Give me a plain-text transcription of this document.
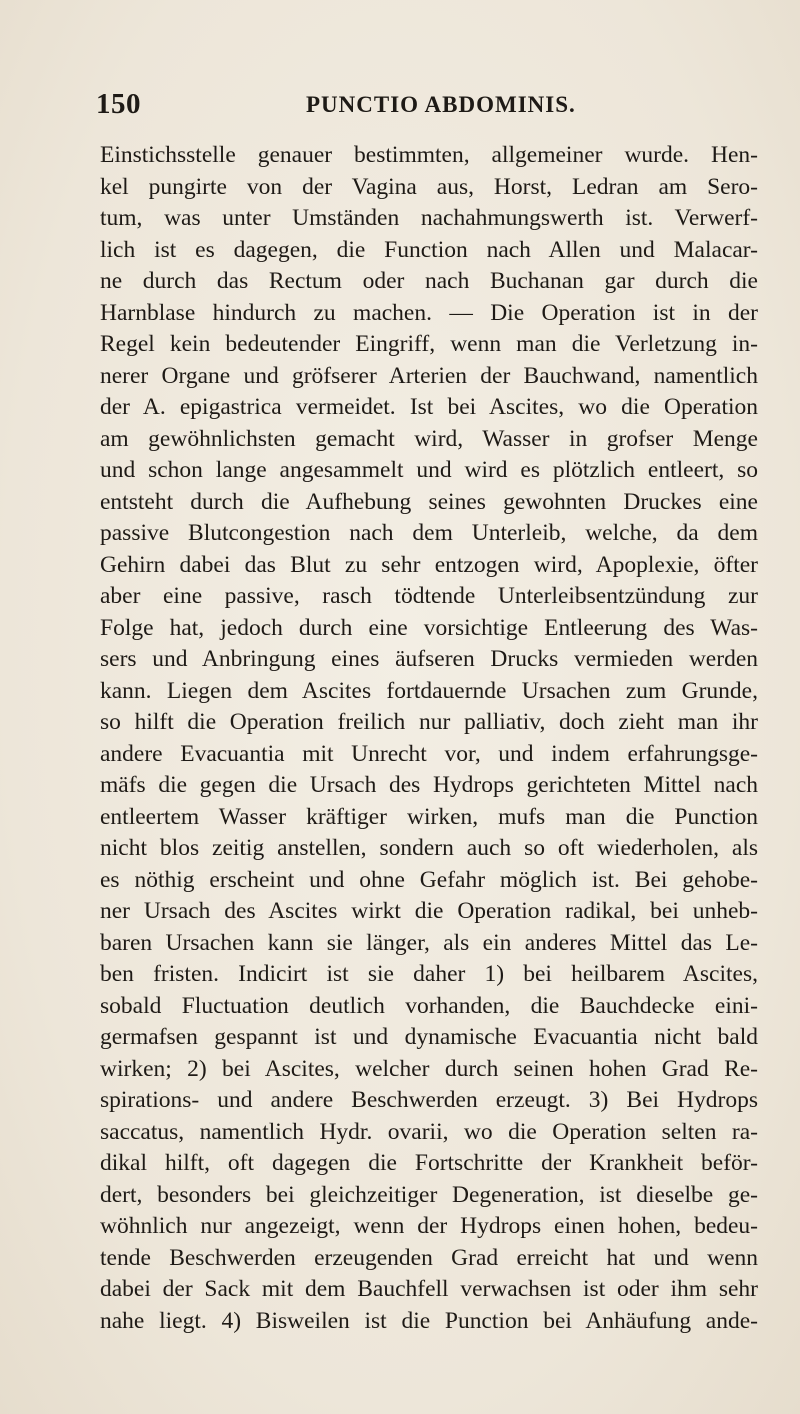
150	PUNCTIO ABDOMINIS.
Einstichsstelle genauer bestimmten, allgemeiner wurde. Hen-
kel pungirte von der Vagina aus, Horst, Ledran am Sero-
tum, was unter Umständen nachahmungswerth ist. Verwerf-
lich ist es dagegen, die Function nach Allen und Malacar-
ne durch das Rectum oder nach Buchanan gar durch die
Harnblase hindurch zu machen. — Die Operation ist in der
Regel kein bedeutender Eingriff, wenn man die Verletzung in-
nerer Organe und gröfserer Arterien der Bauchwand, namentlich
der A. epigastrica vermeidet. Ist bei Ascites, wo die Operation
am gewöhnlichsten gemacht wird, Wasser in grofser Menge
und schon lange angesammelt und wird es plötzlich entleert, so
entsteht durch die Aufhebung seines gewohnten Druckes eine
passive Blutcongestion nach dem Unterleib, welche, da dem
Gehirn dabei das Blut zu sehr entzogen wird, Apoplexie, öfter
aber eine passive, rasch tödtende Unterleibsentzündung zur
Folge hat, jedoch durch eine vorsichtige Entleerung des Was-
sers und Anbringung eines äufseren Drucks vermieden werden
kann. Liegen dem Ascites fortdauernde Ursachen zum Grunde,
so hilft die Operation freilich nur palliativ, doch zieht man ihr
andere Evacuantia mit Unrecht vor, und indem erfahrungsge-
mäfs die gegen die Ursach des Hydrops gerichteten Mittel nach
entleertem Wasser kräftiger wirken, mufs man die Punction
nicht blos zeitig anstellen, sondern auch so oft wiederholen, als
es nöthig erscheint und ohne Gefahr möglich ist. Bei gehobe-
ner Ursach des Ascites wirkt die Operation radikal, bei unheb-
baren Ursachen kann sie länger, als ein anderes Mittel das Le-
ben fristen. Indicirt ist sie daher 1) bei heilbarem Ascites,
sobald Fluctuation deutlich vorhanden, die Bauchdecke eini-
germafsen gespannt ist und dynamische Evacuantia nicht bald
wirken; 2) bei Ascites, welcher durch seinen hohen Grad Re-
spirations- und andere Beschwerden erzeugt. 3) Bei Hydrops
saccatus, namentlich Hydr. ovarii, wo die Operation selten ra-
dikal hilft, oft dagegen die Fortschritte der Krankheit beför-
dert, besonders bei gleichzeitiger Degeneration, ist dieselbe ge-
wöhnlich nur angezeigt, wenn der Hydrops einen hohen, bedeu-
tende Beschwerden erzeugenden Grad erreicht hat und wenn
dabei der Sack mit dem Bauchfell verwachsen ist oder ihm sehr
nahe liegt. 4) Bisweilen ist die Punction bei Anhäufung ande-
